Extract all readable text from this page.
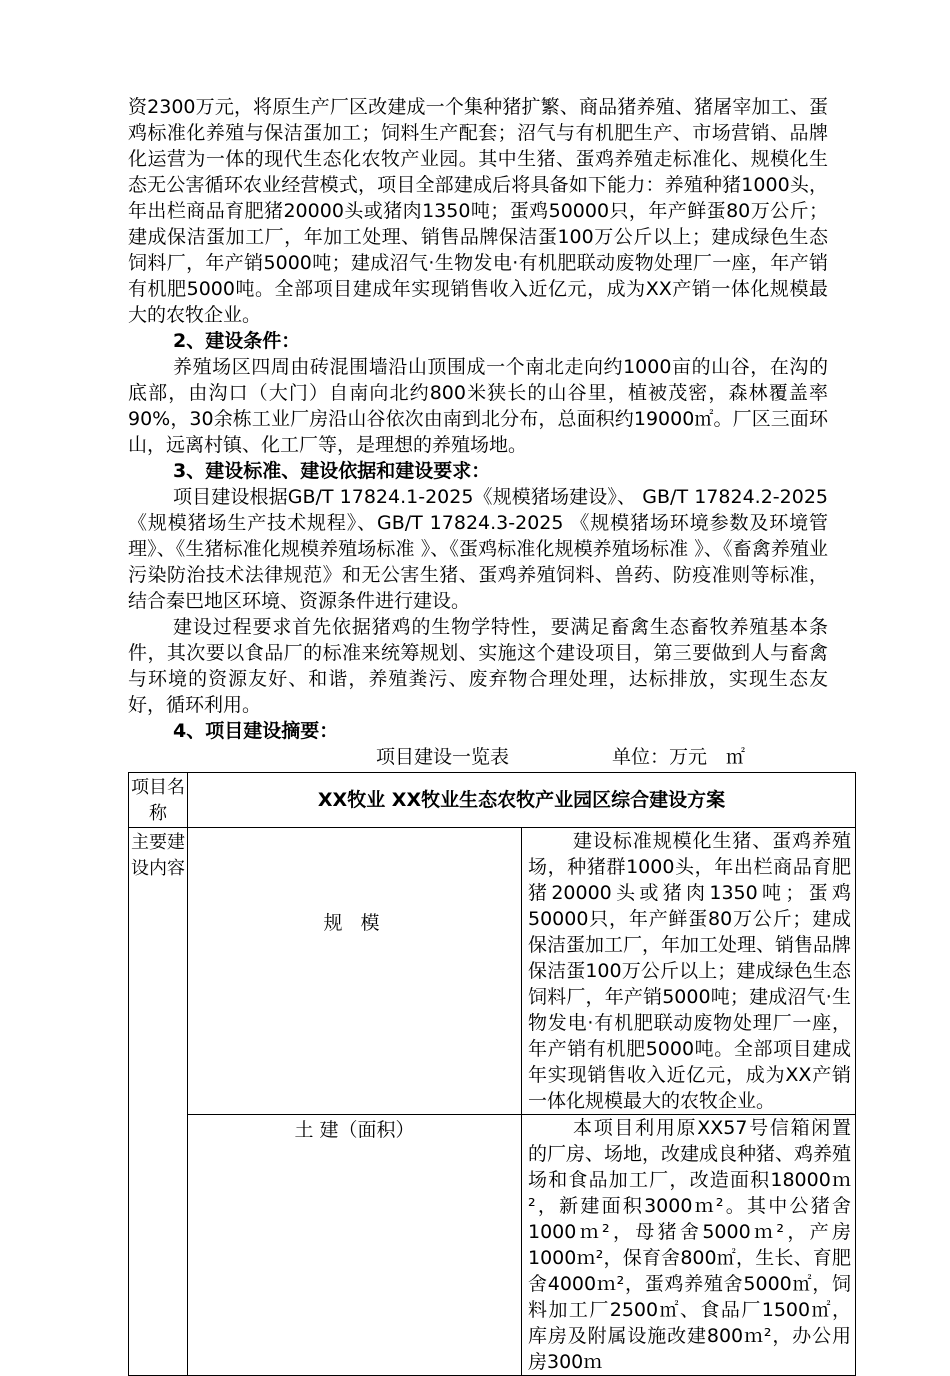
资2300万元，将原生产厂区改建成一个集种猪扩繁、商品猪养殖、猪屠宰加工、蛋鸡标准化养殖与保洁蛋加工；饲料生产配套；沼气与有机肥生产、市场营销、品牌化运营为一体的现代生态化农牧产业园。其中生猪、蛋鸡养殖走标准化、规模化生态无公害循环农业经营模式，项目全部建成后将具备如下能力：养殖种猪1000头，年出栏商品育肥猪20000头或猪肉1350吨；蛋鸡50000只，年产鲜蛋80万公斤；建成保洁蛋加工厂，年加工处理、销售品牌保洁蛋100万公斤以上；建成绿色生态饲料厂，年产销5000吨；建成沼气·生物发电·有机肥联动废物处理厂一座，年产销有机肥5000吨。全部项目建成年实现销售收入近亿元，成为XX产销一体化规模最大的农牧企业。

2、建设条件：

养殖场区四周由砖混围墙沿山顶围成一个南北走向约1000亩的山谷，在沟的底部，由沟口（大门）自南向北约800米狭长的山谷里，植被茂密，森林覆盖率90%，30余栋工业厂房沿山谷依次由南到北分布，总面积约19000㎡。厂区三面环山，远离村镇、化工厂等，是理想的养殖场地。

3、建设标准、建设依据和建设要求：

项目建设根据GB/T 17824.1-2025《规模猪场建设》、 GB/T 17824.2-2025 《规模猪场生产技术规程》、GB/T 17824.3-2025 《规模猪场环境参数及环境管理》、《生猪标准化规模养殖场标准 》、《蛋鸡标准化规模养殖场标准 》、《畜禽养殖业污染防治技术法律规范》和无公害生猪、蛋鸡养殖饲料、兽药、防疫准则等标准，结合秦巴地区环境、资源条件进行建设。

建设过程要求首先依据猪鸡的生物学特性，要满足畜禽生态畜牧养殖基本条件，其次要以食品厂的标准来统筹规划、实施这个建设项目，第三要做到人与畜禽与环境的资源友好、和谐，养殖粪污、废弃物合理处理，达标排放，实现生态友好，循环利用。

4、项目建设摘要：
项目建设一览表	单位：万元　㎡
项目名称	XX牧业 XX牧业生态农牧产业园区综合建设方案	
主要建设内容	规 模	建设标准规模化生猪、蛋鸡养殖场，种猪群1000头，年出栏商品育肥猪20000头或猪肉1350吨；蛋鸡50000只，年产鲜蛋80万公斤；建成保洁蛋加工厂，年加工处理、销售品牌保洁蛋100万公斤以上；建成绿色生态饲料厂，年产销5000吨；建成沼气·生物发电·有机肥联动废物处理厂一座，年产销有机肥5000吨。全部项目建成年实现销售收入近亿元，成为XX产销一体化规模最大的农牧企业。

	土 建（面积）	本项目利用原XX57号信箱闲置的厂房、场地，改建成良种猪、鸡养殖场和食品加工厂，改造面积18000ｍ²，新建面积3000ｍ²。其中公猪舍1000ｍ²，母猪舍5000ｍ²，产房1000ｍ²，保育舍800㎡，生长、育肥舍4000ｍ²，蛋鸡养殖舍5000㎡，饲料加工厂2500㎡、食品厂1500㎡，库房及附属设施改建800ｍ²，办公用房300ｍ
